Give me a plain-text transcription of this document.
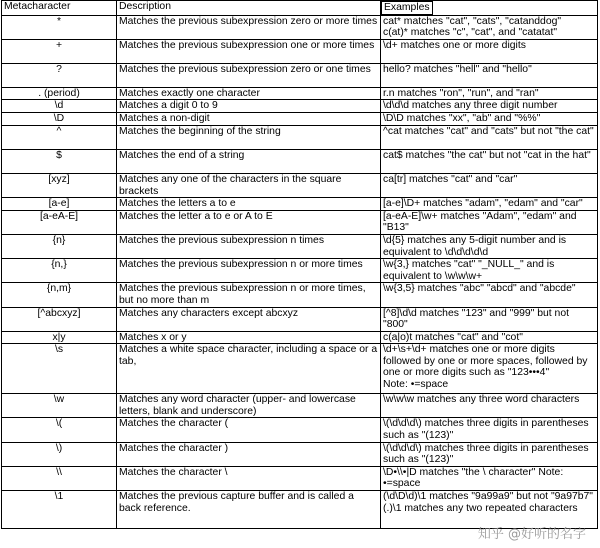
Metacharacter	Description	Examples
*	Matches the previous subexpression zero or more times	cat* matches "cat", "cats", "catanddog"
c(at)* matches "c", "cat", and "catatat"
+	Matches the previous subexpression one or more times	\d+ matches one or more digits
?	Matches the previous subexpression zero or one times	hello? matches "hell" and "hello"
. (period)	Matches exactly one character	r.n matches "ron", "run", and "ran"
\d	Matches a digit 0 to 9	\d\d\d matches any three digit number
\D	Matches a non-digit	\D\D matches "xx", "ab" and "%%"
^	Matches the beginning of the string	^cat matches "cat" and "cats" but not "the cat"
$	Matches the end of a string	cat$ matches "the cat" but not "cat in the hat"
[xyz]	Matches any one of the characters in the square brackets	ca[tr] matches "cat" and "car"
[a-e]	Matches the letters a to e	[a-e]\D+ matches "adam", "edam" and "car"
[a-eA-E]	Matches the letter a to e or A to E	[a-eA-E]\w+ matches "Adam", "edam" and "B13"
{n}	Matches the previous subexpression n times	\d{5} matches any 5-digit number and is equivalent to \d\d\d\d\d
{n,}	Matches the previous subexpression n or more times	\w{3,} matches "cat" "_NULL_" and is equivalent to \w\w\w+
{n,m}	Matches the previous subexpression n or more times, but no more than m	\w{3,5} matches "abc" "abcd" and "abcde"
[^abcxyz]	Matches any characters except abcxyz	[^8]\d\d matches "123" and "999" but not "800"
x|y	Matches x or y	c(a|o)t matches "cat" and "cot"
\s	Matches a white space character, including a space or a tab,	\d+\s+\d+ matches one or more digits followed by one or more spaces, followed by one or more digits such as "123•••4"
Note: •=space
\w	Matches any word character (upper- and lowercase letters, blank and underscore)	\w\w\w matches any three word characters
\(	Matches the character (	\(\d\d\d\) matches three digits in parentheses such as "(123)"
\)	Matches the character )	\(\d\d\d\) matches three digits in parentheses such as "(123)"
\\	Matches the character \	\D•\\•|D matches "the \ character" Note: •=space
\1	Matches the previous capture buffer and is called a back reference.	(\d\D\d)\1 matches "9a99a9" but not "9a97b7"
(.)\1 matches any two repeated characters
知乎 @好听的名字
